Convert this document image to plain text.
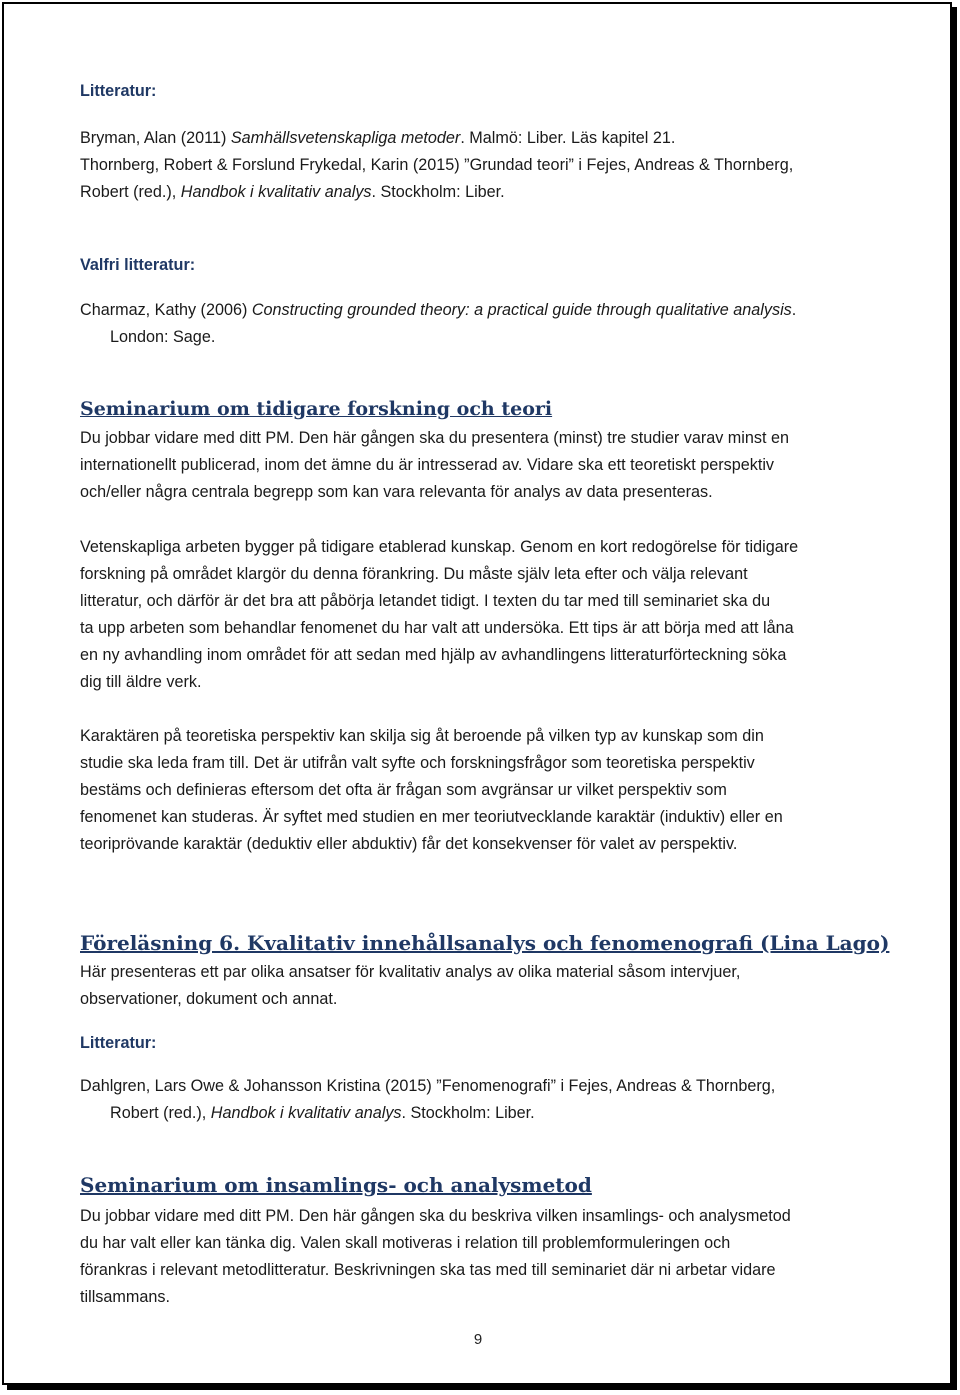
Litteratur:

Bryman, Alan (2011) Samhällsvetenskapliga metoder. Malmö: Liber. Läs kapitel 21.

Thornberg, Robert & Forslund Frykedal, Karin (2015) ”Grundad teori” i Fejes, Andreas & Thornberg,

Robert (red.), Handbok i kvalitativ analys. Stockholm: Liber.

Valfri litteratur:

Charmaz, Kathy (2006) Constructing grounded theory: a practical guide through qualitative analysis.

London: Sage.

Seminarium om tidigare forskning och teori

Du jobbar vidare med ditt PM. Den här gången ska du presentera (minst) tre studier varav minst en

internationellt publicerad, inom det ämne du är intresserad av. Vidare ska ett teoretiskt perspektiv

och/eller några centrala begrepp som kan vara relevanta för analys av data presenteras.

Vetenskapliga arbeten bygger på tidigare etablerad kunskap. Genom en kort redogörelse för tidigare

forskning på området klargör du denna förankring. Du måste själv leta efter och välja relevant

litteratur, och därför är det bra att påbörja letandet tidigt. I texten du tar med till seminariet ska du

ta upp arbeten som behandlar fenomenet du har valt att undersöka. Ett tips är att börja med att låna

en ny avhandling inom området för att sedan med hjälp av avhandlingens litteraturförteckning söka

dig till äldre verk.

Karaktären på teoretiska perspektiv kan skilja sig åt beroende på vilken typ av kunskap som din

studie ska leda fram till. Det är utifrån valt syfte och forskningsfrågor som teoretiska perspektiv

bestäms och definieras eftersom det ofta är frågan som avgränsar ur vilket perspektiv som

fenomenet kan studeras. Är syftet med studien en mer teoriutvecklande karaktär (induktiv) eller en

teoriprövande karaktär (deduktiv eller abduktiv) får det konsekvenser för valet av perspektiv.

Föreläsning 6. Kvalitativ innehållsanalys och fenomenografi (Lina Lago)

Här presenteras ett par olika ansatser för kvalitativ analys av olika material såsom intervjuer,

observationer, dokument och annat.

Litteratur:

Dahlgren, Lars Owe & Johansson Kristina (2015) ”Fenomenografi” i Fejes, Andreas & Thornberg,

Robert (red.), Handbok i kvalitativ analys. Stockholm: Liber.

Seminarium om insamlings- och analysmetod

Du jobbar vidare med ditt PM. Den här gången ska du beskriva vilken insamlings- och analysmetod

du har valt eller kan tänka dig. Valen skall motiveras i relation till problemformuleringen och

förankras i relevant metodlitteratur. Beskrivningen ska tas med till seminariet där ni arbetar vidare

tillsammans.

9
